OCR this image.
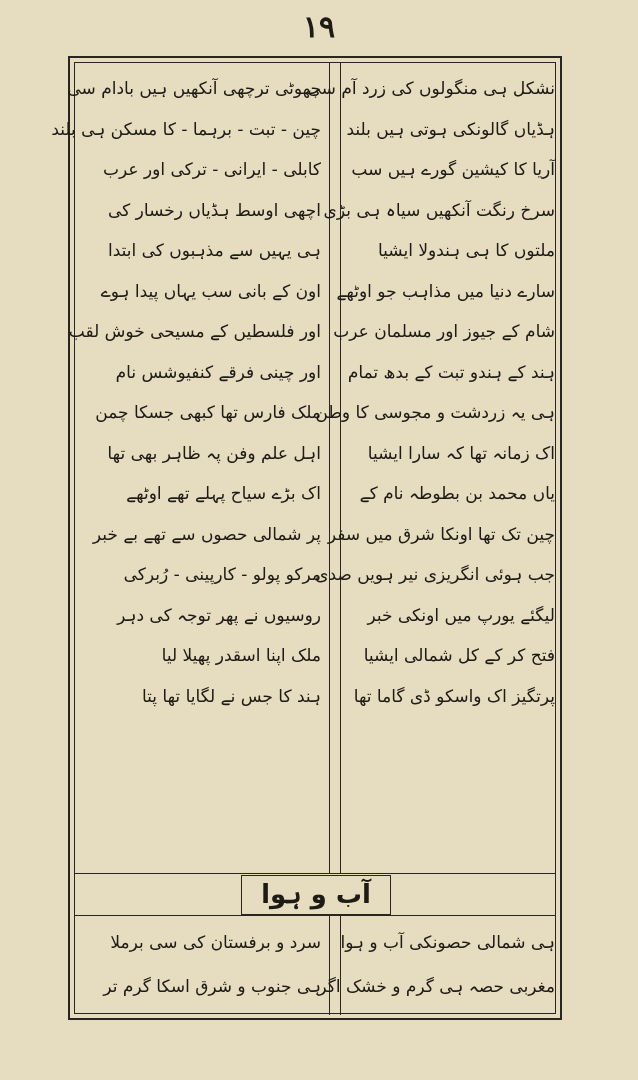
١٩
آب و ہوا
نشکل ہی منگولوں کی زرد آم سی
ہڈیاں گالونکی ہوتی ہیں بلند
آریا کا کیشین گورے ہیں سب
سرخ رنگت آنکھیں سیاہ ہی بڑی
ملتوں کا ہی ہندولا ایشیا
سارے دنیا میں مذاہب جو اوٹھے
شام کے جیوز اور مسلمان عرب
ہند کے ہندو تبت کے بدھ تمام
ہی یہ زردشت و مجوسی کا وطن
اک زمانہ تھا کہ سارا ایشیا
یاں محمد بن بطوطہ نام کے
چین تک تھا اونکا شرق میں سفر
جب ہوئی انگریزی نیر ہویں صدی
لیگئے یورپ میں اونکی خبر
فتح کر کے کل شمالی ایشیا
پرتگیز اک واسکو ڈی گاما تھا
چھوٹی ترچھی آنکھیں ہیں بادام سی
چین - تبت - برہما - کا مسکن ہی بلند
کابلی - ایرانی - ترکی اور عرب
اچھی اوسط ہڈیاں رخسار کی
ہی یہیں سے مذہبوں کی ابتدا
اون کے بانی سب یہاں پیدا ہوے
اور فلسطیں کے مسیحی خوش لقب
اور چینی فرقے کنفیوشس نام
ملک فارس تھا کبھی جسکا چمن
اہل علم وفن پہ ظاہر بھی تھا
اک بڑے سیاح پہلے تھے اوٹھے
پر شمالی حصوں سے تھے بے خبر
مرکو پولو - کارپینی - رُبرکی
روسیوں نے پھر توجہ کی دہر
ملک اپنا اسقدر پھیلا لیا
ہند کا جس نے لگایا تھا پتا
ہی شمالی حصونکی آب و ہوا
مغربی حصہ ہی گرم و خشک اگر
سرد و برفستان کی سی برملا
ہی جنوب و شرق اسکا گرم تر
